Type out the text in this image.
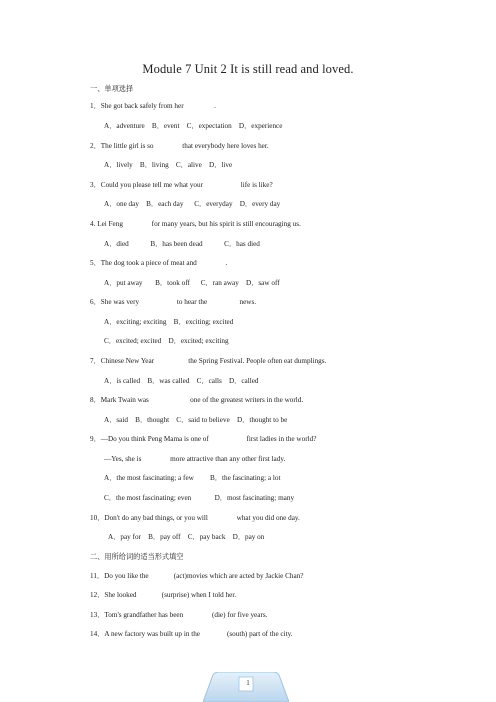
Module 7 Unit 2 It is still read and loved.
一、单项选择
1．She got back safely from her                 .
A．adventure    B．event    C．expectation    D．experience
2．The little girl is so                that everybody here loves her.
A．lively    B．living    C．alive    D．live
3．Could you please tell me what your                     life is like?
A．one day    B．each day      C．everyday    D．every day
4. Lei Feng                for many years, but his spirit is still encouraging us.
A．died            B．has been dead            C．has died
5．The dog took a piece of meat and                .
A．put away       B．took off      C．ran away    D．saw off
6．She was very                     to hear the                  news.
A．exciting; exciting    B．exciting; excited
C．excited; excited    D．excited; exciting
7．Chinese New Year                   the Spring Festival. People often eat dumplings.
A．is called    B．was called    C．calls    D．called
8．Mark Twain was                       one of the greatest writers in the world.
A．said    B．thought    C．said to believe    D．thought to be
9．—Do you think Peng Mama is one of                     first ladies in the world?
—Yes, she is                more attractive than any other first lady.
A．the most fascinating; a few         B．the fascinating; a lot
C．the most fascinating; even             D．most fascinating; many
10．Don't do any bad things, or you will                what you did one day.
A．pay for    B．pay off    C．pay back    D．pay on
二、用所给词的适当形式填空
11．Do you like the              (act)movies which are acted by Jackie Chan?
12．She looked              (surprise) when I told her.
13．Tom's grandfather has been                (die) for five years.
14．A new factory was built up in the               (south) part of the city.
1
